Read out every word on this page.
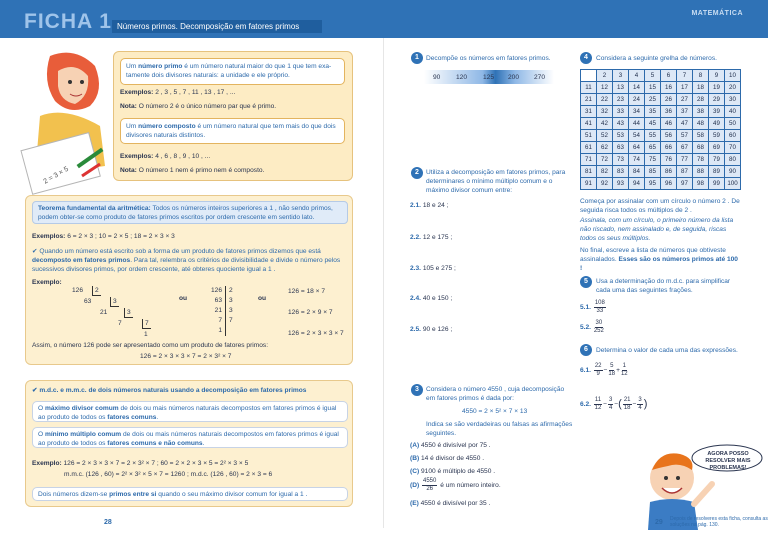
FICHA 1 Números primos. Decomposição em fatores primos
MATEMÁTICA
2 = 3 × 5
Um número primo é um número natural maior do que 1 que tem exa-tamente dois divisores naturais: a unidade e ele próprio.
Exemplos: 2 , 3 , 5 , 7 , 11 , 13 , 17 , ...
Nota: O número 2 é o único número par que é primo.
Um número composto é um número natural que tem mais do que dois divisores naturais distintos.
Exemplos: 4 , 6 , 8 , 9 , 10 , ...
Nota: O número 1 nem é primo nem é composto.
Teorema fundamental da aritmética: Todos os números inteiros superiores a 1 , não sendo primos, podem obter-se como produto de fatores primos escritos por ordem crescente em sentido lato.
Exemplos: 6 = 2 × 3 ; 10 = 2 × 5 ; 18 = 2 × 3 × 3
✔ Quando um número está escrito sob a forma de um produto de fatores primos dizemos que está decomposto em fatores primos. Para tal, relembra os critérios de divisibilidade e divide o número pelos sucessivos divisores primos, por ordem crescente, até obteres quociente igual a 1 .
Exemplo:
126	2
63	3
21	3
7	7
1
ou
126	2
63	3
21	3
7	7
1
ou
126 = 18 × 7
126 = 2 × 9 × 7
126 = 2 × 3 × 3 × 7
Assim, o número 126 pode ser apresentado como um produto de fatores primos:
126 = 2 × 3 × 3 × 7 = 2 × 3² × 7
✔ m.d.c. e m.m.c. de dois números naturais usando a decomposição em fatores primos
O máximo divisor comum de dois ou mais números naturais decompostos em fatores primos é igual ao produto de todos os fatores comuns.
O mínimo múltiplo comum de dois ou mais números naturais decompostos em fatores primos é igual ao produto de todos os fatores comuns e não comuns.
Exemplo: 126 = 2 × 3 × 3 × 7 = 2 × 3² × 7 ; 60 = 2 × 2 × 3 × 5 = 2² × 3 × 5
m.m.c. (126 , 60) = 2² × 3² × 5 × 7 = 1260 ; m.d.c. (126 , 60) = 2 × 3 = 6
Dois números dizem-se primos entre si quando o seu máximo divisor comum for igual a 1 .
28
1	Decompõe os números em fatores primos.
90 120 125 200 270
2	Utiliza a decomposição em fatores primos, para determinares o mínimo múltiplo comum e o máximo divisor comum entre:
2.1. 18 e 24 ;
2.2. 12 e 175 ;
2.3. 105 e 275 ;
2.4. 40 e 150 ;
2.5. 90 e 126 ;
3	Considera o número 4550 , cuja decomposição em fatores primos é dada por:
4550 = 2 × 5² × 7 × 13
Indica se são verdadeiras ou falsas as afirmações seguintes.
(A) 4550 é divisível por 75 .
(B) 14 é divisor de 4550 .
(C) 9100 é múltiplo de 4550 .
(D)
$\frac{4550}{26}$
é um número inteiro.
(E) 4550 é divisível por 35 .
4	Considera a seguinte grelha de números.
	2	3	4	5	6	7	8	9	10
11	12	13	14	15	16	17	18	19	20
21	22	23	24	25	26	27	28	29	30
31	32	33	34	35	36	37	38	39	40
41	42	43	44	45	46	47	48	49	50
51	52	53	54	55	56	57	58	59	60
61	62	63	64	65	66	67	68	69	70
71	72	73	74	75	76	77	78	79	80
81	82	83	84	85	86	87	88	89	90
91	92	93	94	95	96	97	98	99	100
Começa por assinalar com um círculo o número 2 . De seguida risca todos os múltiplos de 2 .
Assinala, com um círculo, o primeiro número da lista não riscado, nem assinalado e, de seguida, riscas todos os seus múltiplos.
No final, escreve a lista de números que obtiveste assinalados. Esses são os números primos até 100 !
5	Usa a determinação do m.d.c. para simplificar cada uma das seguintes frações.
5.1.
$\frac{108}{33}$
5.2.
$\frac{30}{252}$
6	Determina o valor de cada uma das expressões.
6.1.
$\frac{22}{9} - \frac{5}{18} + \frac{1}{12}$
6.2.
$\frac{11}{12} - \frac{3}{4}$ − ( $\frac{21}{18} - \frac{3}{4}$ )
AGORA POSSO RESOLVER MAIS PROBLEMAS!
29 Depois de resolveres esta ficha, consulta as soluções na pág. 130.
